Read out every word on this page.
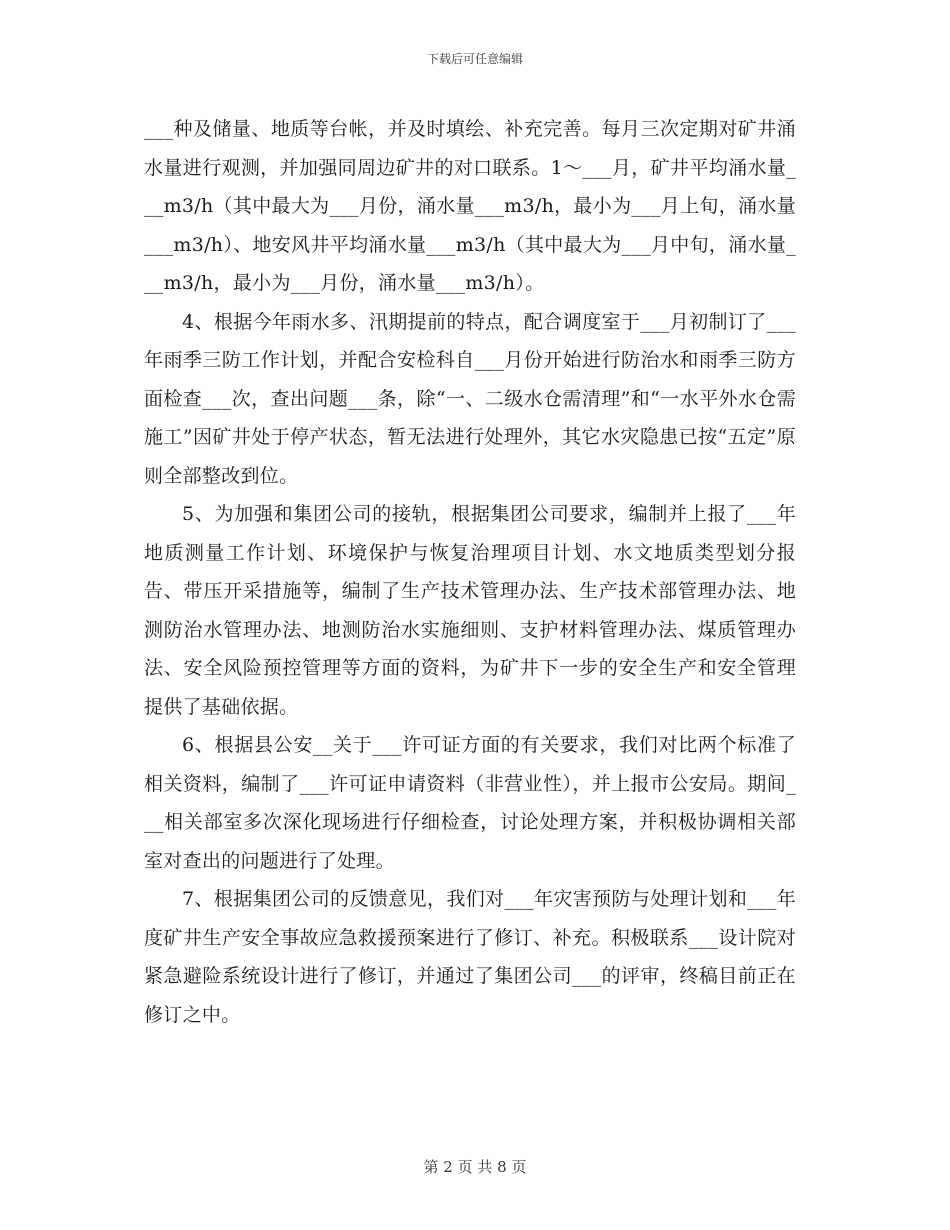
下载后可任意编辑

___种及储量、地质等台帐，并及时填绘、补充完善。每月三次定期对矿井涌水量进行观测，并加强同周边矿井的对口联系。1～___月，矿井平均涌水量___m3/h（其中最大为___月份，涌水量___m3/h，最小为___月上旬，涌水量___m3/h）、地安风井平均涌水量___m3/h（其中最大为___月中旬，涌水量___m3/h，最小为___月份，涌水量___m3/h）。

4、根据今年雨水多、汛期提前的特点，配合调度室于___月初制订了___年雨季三防工作计划，并配合安检科自___月份开始进行防治水和雨季三防方面检查___次，查出问题___条，除“一、二级水仓需清理”和“一水平外水仓需施工”因矿井处于停产状态，暂无法进行处理外，其它水灾隐患已按“五定”原则全部整改到位。

5、为加强和集团公司的接轨，根据集团公司要求，编制并上报了___年地质测量工作计划、环境保护与恢复治理项目计划、水文地质类型划分报告、带压开采措施等，编制了生产技术管理办法、生产技术部管理办法、地测防治水管理办法、地测防治水实施细则、支护材料管理办法、煤质管理办法、安全风险预控管理等方面的资料，为矿井下一步的安全生产和安全管理提供了基础依据。

6、根据县公安__关于___许可证方面的有关要求，我们对比两个标准了相关资料，编制了___许可证申请资料（非营业性），并上报市公安局。期间___相关部室多次深化现场进行仔细检查，讨论处理方案，并积极协调相关部室对查出的问题进行了处理。

7、根据集团公司的反馈意见，我们对___年灾害预防与处理计划和___年度矿井生产安全事故应急救援预案进行了修订、补充。积极联系___设计院对紧急避险系统设计进行了修订，并通过了集团公司___的评审，终稿目前正在修订之中。

第 2 页 共 8 页
